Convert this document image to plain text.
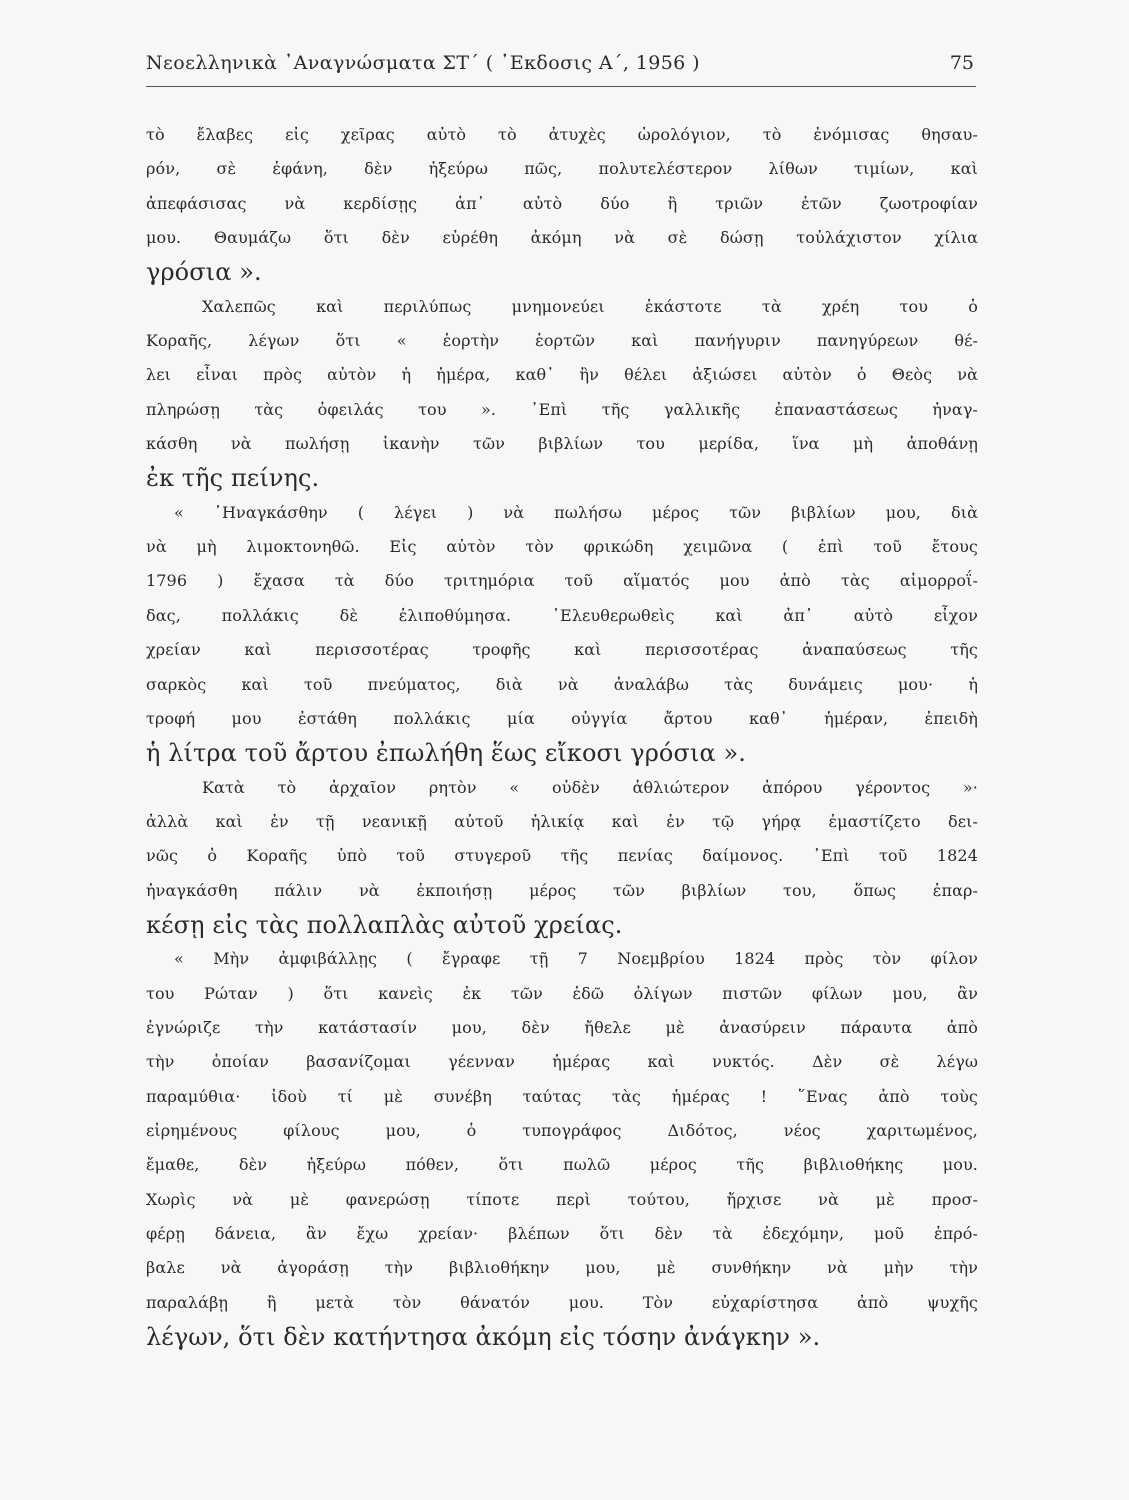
Νεοελληνικὰ ᾿Αναγνώσματα ΣΤ΄ ( ᾿Εκδοσις Α΄, 1956 )	75
τὸ ἔλαβες εἰς χεῖρας αὐτὸ τὸ ἀτυχὲς ὡρολόγιον, τὸ ἐνόμισας θησαυ-
ρόν, σὲ ἐφάνη, δὲν ἠξεύρω πῶς, πολυτελέστερον λίθων τιμίων, καὶ
ἀπεφάσισας νὰ κερδίσῃς ἀπ᾿ αὐτὸ δύο ἢ τριῶν ἐτῶν ζωοτροφίαν
μου. Θαυμάζω ὅτι δὲν εὑρέθη ἀκόμη νὰ σὲ δώσῃ τοὐλάχιστον χίλια
γρόσια ».
Χαλεπῶς καὶ περιλύπως μνημονεύει ἑκάστοτε τὰ χρέη του ὁ
Κοραῆς, λέγων ὅτι « ἑορτὴν ἑορτῶν καὶ πανήγυριν πανηγύρεων θέ-
λει εἶναι πρὸς αὐτὸν ἡ ἡμέρα, καθ᾿ ἣν θέλει ἀξιώσει αὐτὸν ὁ Θεὸς νὰ
πληρώσῃ τὰς ὀφειλάς του ». ᾿Επὶ τῆς γαλλικῆς ἐπαναστάσεως ἠναγ-
κάσθη νὰ πωλήσῃ ἱκανὴν τῶν βιβλίων του μερίδα, ἵνα μὴ ἀποθάνῃ
ἐκ τῆς πείνης.
« ᾿Ηναγκάσθην ( λέγει ) νὰ πωλήσω μέρος τῶν βιβλίων μου, διὰ
νὰ μὴ λιμοκτονηθῶ. Εἰς αὐτὸν τὸν φρικώδη χειμῶνα ( ἐπὶ τοῦ ἔτους
1796 ) ἔχασα τὰ δύο τριτημόρια τοῦ αἵματός μου ἀπὸ τὰς αἱμορροΐ-
δας, πολλάκις δὲ ἐλιποθύμησα. ᾿Ελευθερωθεὶς καὶ ἀπ᾿ αὐτὸ εἶχον
χρείαν καὶ περισσοτέρας τροφῆς καὶ περισσοτέρας ἀναπαύσεως τῆς
σαρκὸς καὶ τοῦ πνεύματος, διὰ νὰ ἀναλάβω τὰς δυνάμεις μου· ἡ
τροφή μου ἐστάθη πολλάκις μία οὐγγία ἄρτου καθ᾿ ἡμέραν, ἐπειδὴ
ἡ λίτρα τοῦ ἄρτου ἐπωλήθη ἕως εἴκοσι γρόσια ».
Κατὰ τὸ ἀρχαῖον ρητὸν « οὐδὲν ἀθλιώτερον ἀπόρου γέροντος »·
ἀλλὰ καὶ ἐν τῇ νεανικῇ αὐτοῦ ἡλικίᾳ καὶ ἐν τῷ γήρᾳ ἐμαστίζετο δει-
νῶς ὁ Κοραῆς ὑπὸ τοῦ στυγεροῦ τῆς πενίας δαίμονος. ᾿Επὶ τοῦ 1824
ἠναγκάσθη πάλιν νὰ ἐκποιήσῃ μέρος τῶν βιβλίων του, ὅπως ἐπαρ-
κέσῃ εἰς τὰς πολλαπλὰς αὐτοῦ χρείας.
« Μὴν ἀμφιβάλλῃς ( ἔγραφε τῇ 7 Νοεμβρίου 1824 πρὸς τὸν φίλον
του Ρώταν ) ὅτι κανεὶς ἐκ τῶν ἐδῶ ὀλίγων πιστῶν φίλων μου, ἂν
ἐγνώριζε τὴν κατάστασίν μου, δὲν ἤθελε μὲ ἀνασύρειν πάραυτα ἀπὸ
τὴν ὁποίαν βασανίζομαι γέενναν ἡμέρας καὶ νυκτός. Δὲν σὲ λέγω
παραμύθια· ἰδοὺ τί μὲ συνέβη ταύτας τὰς ἡμέρας ! ῞Ενας ἀπὸ τοὺς
εἰρημένους φίλους μου, ὁ τυπογράφος Διδότος, νέος χαριτωμένος,
ἔμαθε, δὲν ἠξεύρω πόθεν, ὅτι πωλῶ μέρος τῆς βιβλιοθήκης μου.
Χωρὶς νὰ μὲ φανερώσῃ τίποτε περὶ τούτου, ἤρχισε νὰ μὲ προσ-
φέρῃ δάνεια, ἂν ἔχω χρείαν· βλέπων ὅτι δὲν τὰ ἐδεχόμην, μοῦ ἐπρό-
βαλε νὰ ἀγοράσῃ τὴν βιβλιοθήκην μου, μὲ συνθήκην νὰ μὴν τὴν
παραλάβῃ ἢ μετὰ τὸν θάνατόν μου. Τὸν εὐχαρίστησα ἀπὸ ψυχῆς
λέγων, ὅτι δὲν κατήντησα ἀκόμη εἰς τόσην ἀνάγκην ».
